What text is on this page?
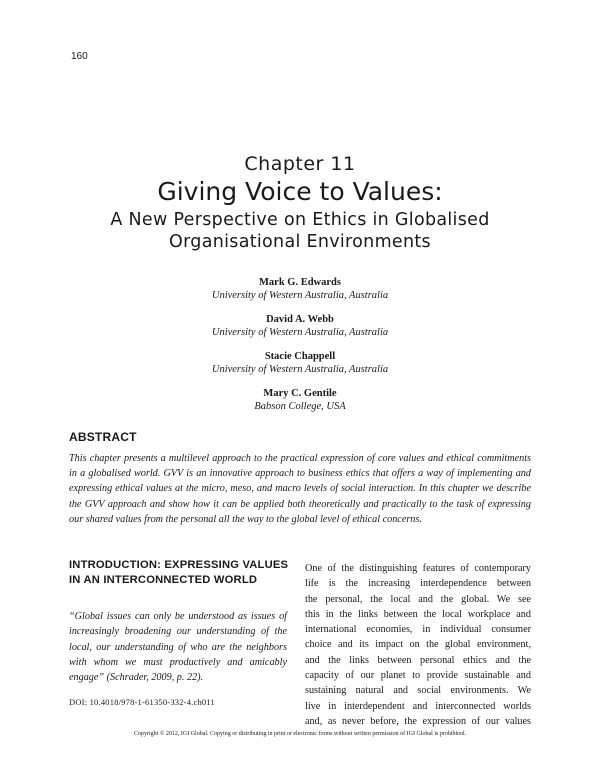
160
Chapter 11
Giving Voice to Values:
A New Perspective on Ethics in Globalised
Organisational Environments
Mark G. Edwards
University of Western Australia, Australia
David A. Webb
University of Western Australia, Australia
Stacie Chappell
University of Western Australia, Australia
Mary C. Gentile
Babson College, USA
ABSTRACT
This chapter presents a multilevel approach to the practical expression of core values and ethical commitments in a globalised world. GVV is an innovative approach to business ethics that offers a way of implementing and expressing ethical values at the micro, meso, and macro levels of social interaction. In this chapter we describe the GVV approach and show how it can be applied both theoretically and practically to the task of expressing our shared values from the personal all the way to the global level of ethical concerns.
INTRODUCTION: EXPRESSING VALUES IN AN INTERCONNECTED WORLD
“Global issues can only be understood as issues of increasingly broadening our understanding of the local, our understanding of who are the neighbors with whom we must productively and amicably engage” (Schrader, 2009, p. 22).
DOI: 10.4018/978-1-61350-332-4.ch011
One of the distinguishing features of contemporary
life is the increasing interdependence between
the personal, the local and the global. We see
this in the links between the local workplace and
international economies, in individual consumer
choice and its impact on the global environment,
and the links between personal ethics and the
capacity of our planet to provide sustainable and
sustaining natural and social environments. We
live in interdependent and interconnected worlds
and, as never before, the expression of our values
Copyright © 2012, IGI Global. Copying or distributing in print or electronic forms without written permission of IGI Global is prohibited.
